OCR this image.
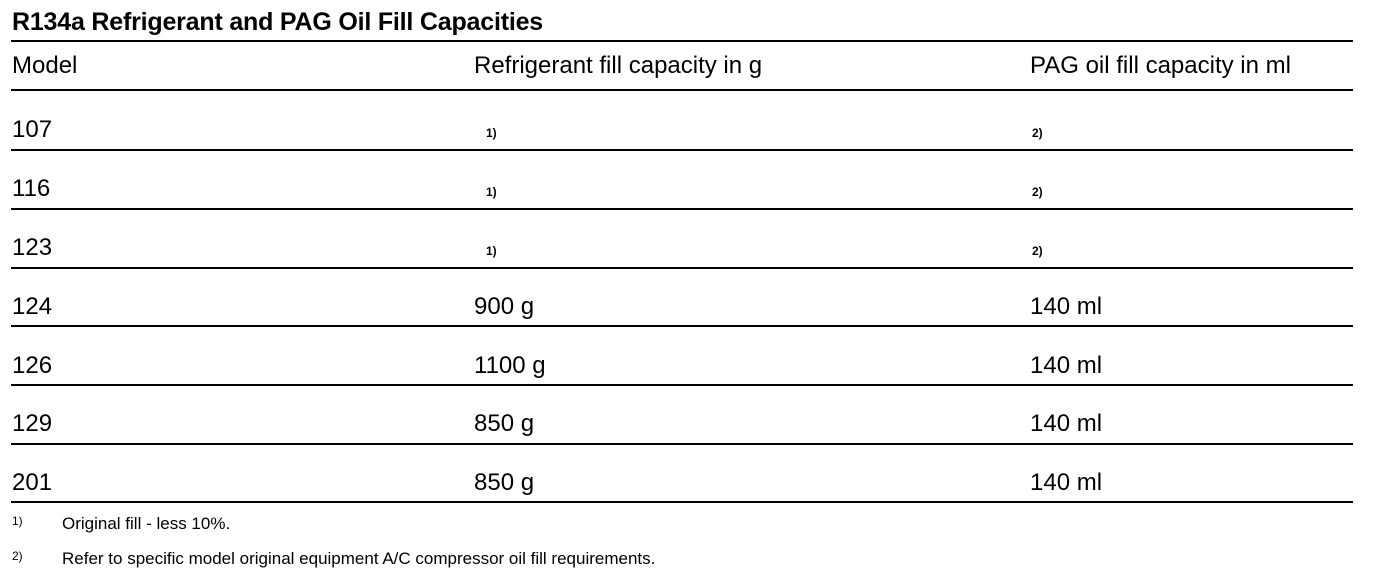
R134a Refrigerant and PAG Oil Fill Capacities
Model	Refrigerant fill capacity in g	PAG oil fill capacity in ml
107	1)	2)
116	1)	2)
123	1)	2)
124	900 g	140 ml
126	1100 g	140 ml
129	850 g	140 ml
201	850 g	140 ml
1) Original fill - less 10%.
2) Refer to specific model original equipment A/C compressor oil fill requirements.
